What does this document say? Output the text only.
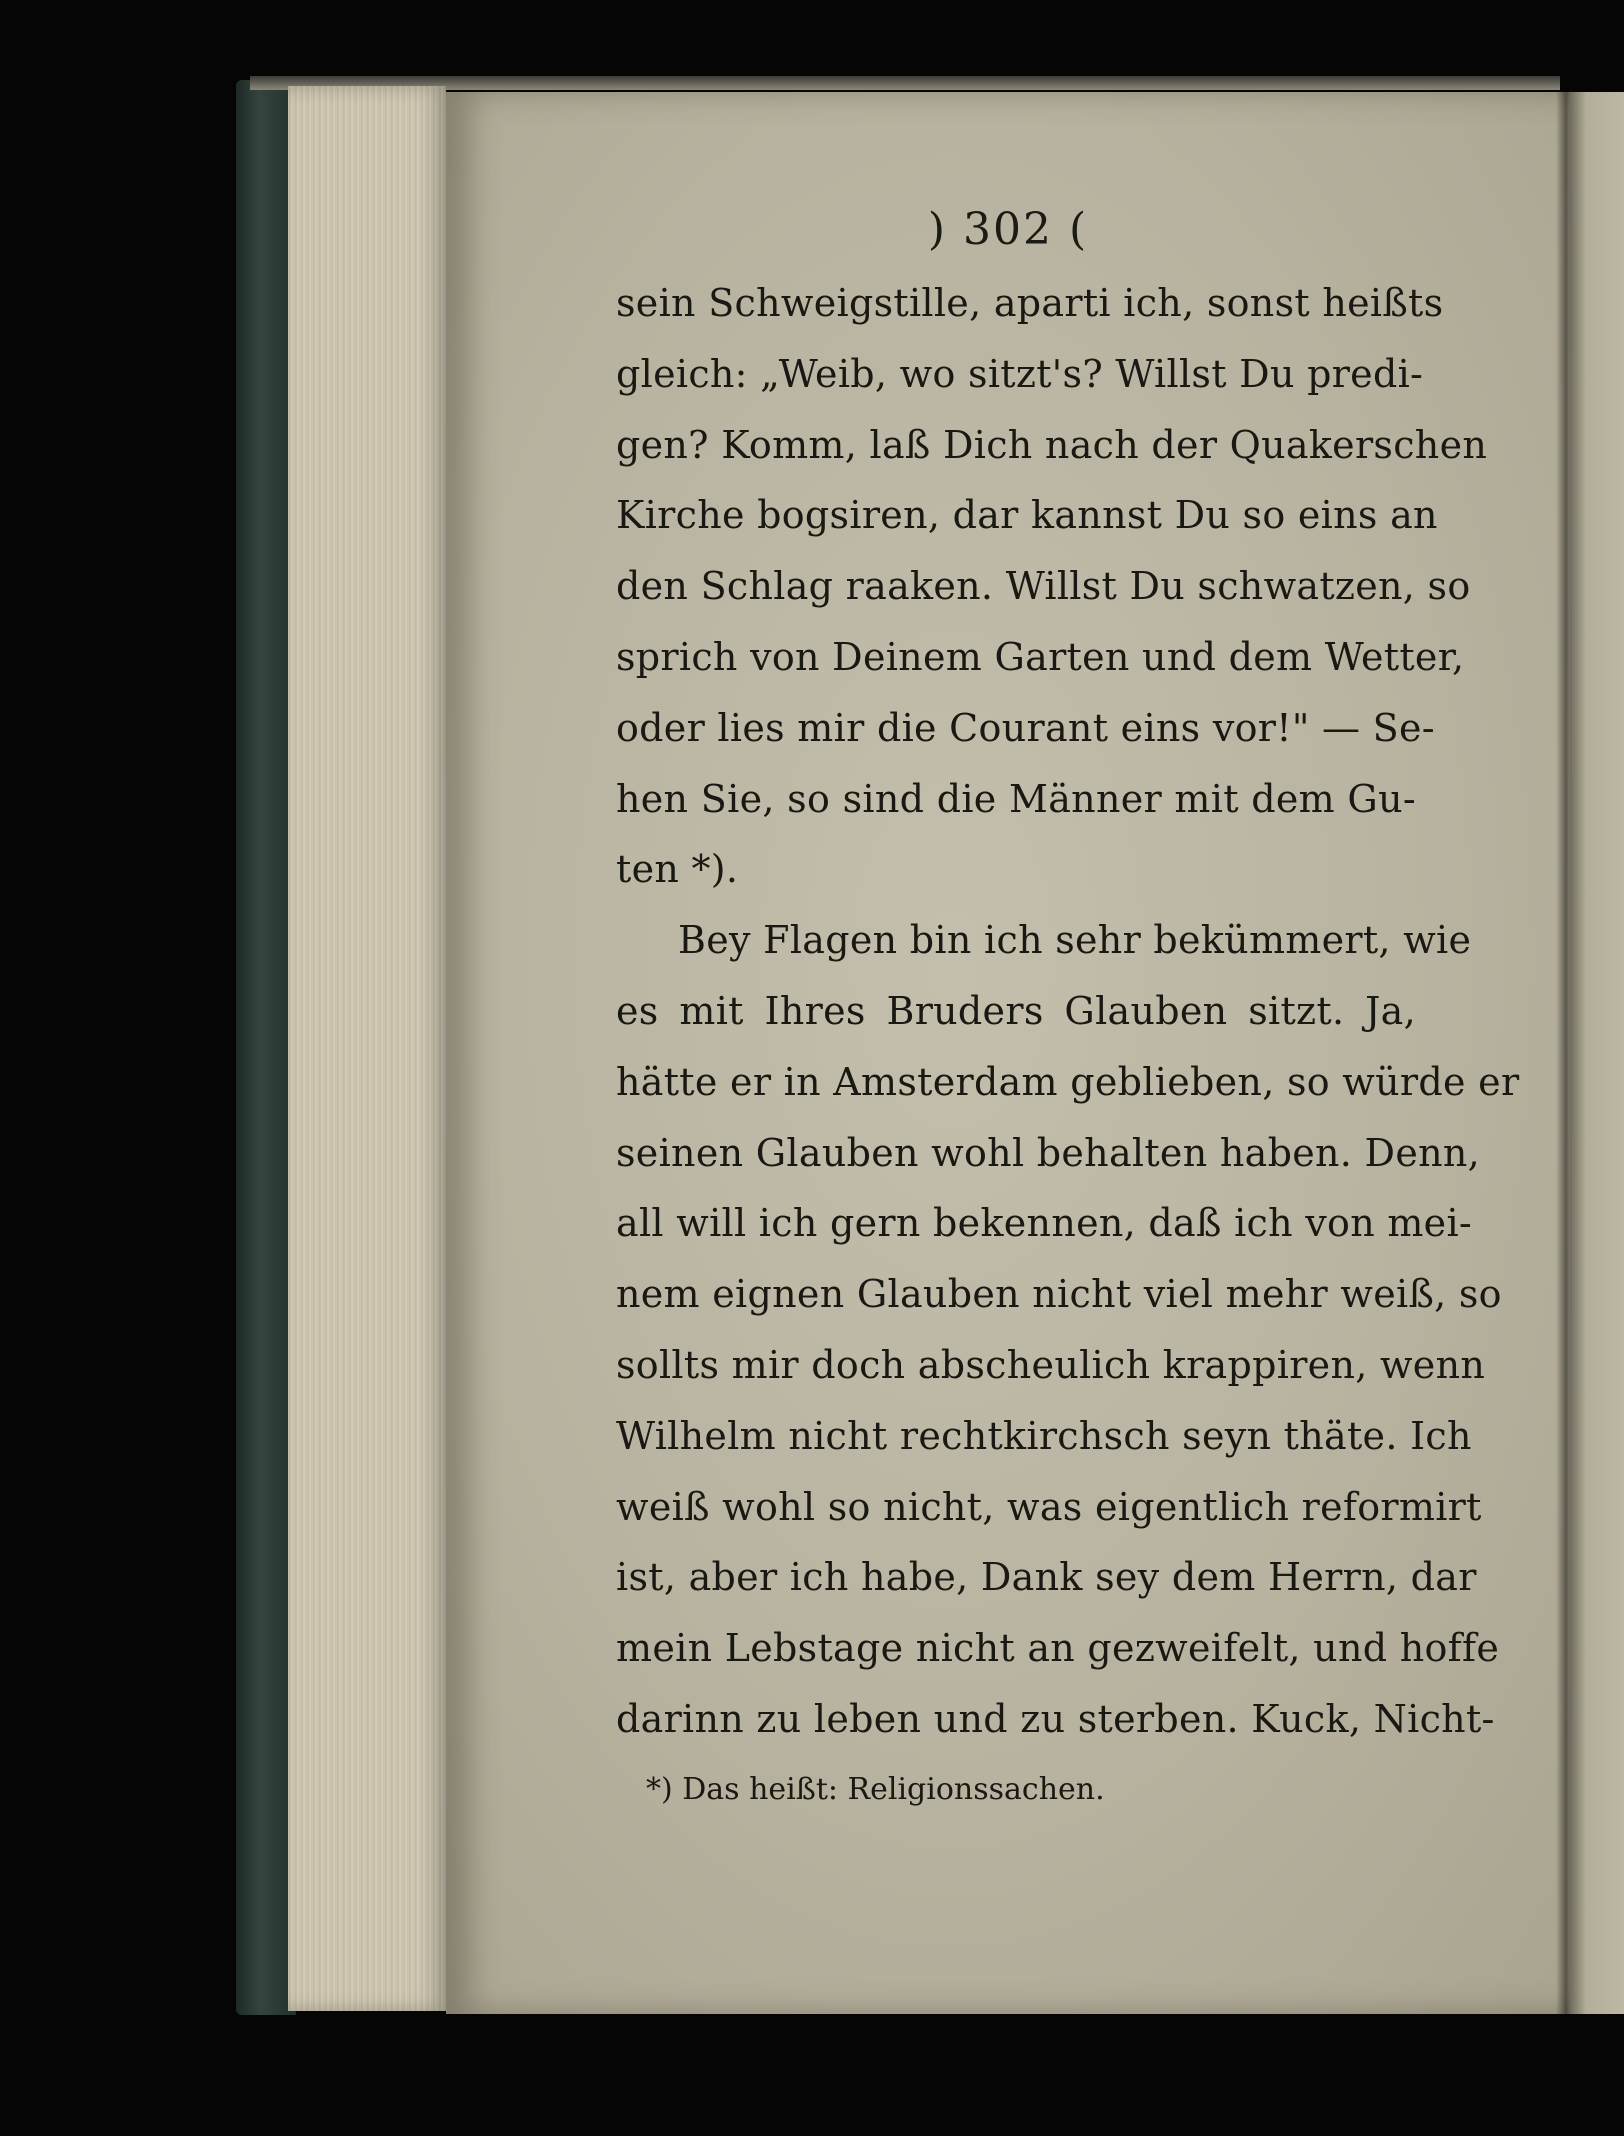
) 302 (
sein Schweigstille, aparti ich, sonst heißts
gleich: „Weib, wo sitzt's? Willst Du predi-
gen? Komm, laß Dich nach der Quakerschen
Kirche bogsiren, dar kannst Du so eins an
den Schlag raaken. Willst Du schwatzen, so
sprich von Deinem Garten und dem Wetter,
oder lies mir die Courant eins vor!" — Se-
hen Sie, so sind die Männer mit dem Gu-
ten *).
Bey Flagen bin ich sehr bekümmert, wie
es mit Ihres Bruders Glauben sitzt. Ja,
hätte er in Amsterdam geblieben, so würde er
seinen Glauben wohl behalten haben. Denn,
all will ich gern bekennen, daß ich von mei-
nem eignen Glauben nicht viel mehr weiß, so
sollts mir doch abscheulich krappiren, wenn
Wilhelm nicht rechtkirchsch seyn thäte. Ich
weiß wohl so nicht, was eigentlich reformirt
ist, aber ich habe, Dank sey dem Herrn, dar
mein Lebstage nicht an gezweifelt, und hoffe
darinn zu leben und zu sterben. Kuck, Nicht-
*) Das heißt: Religionssachen.
